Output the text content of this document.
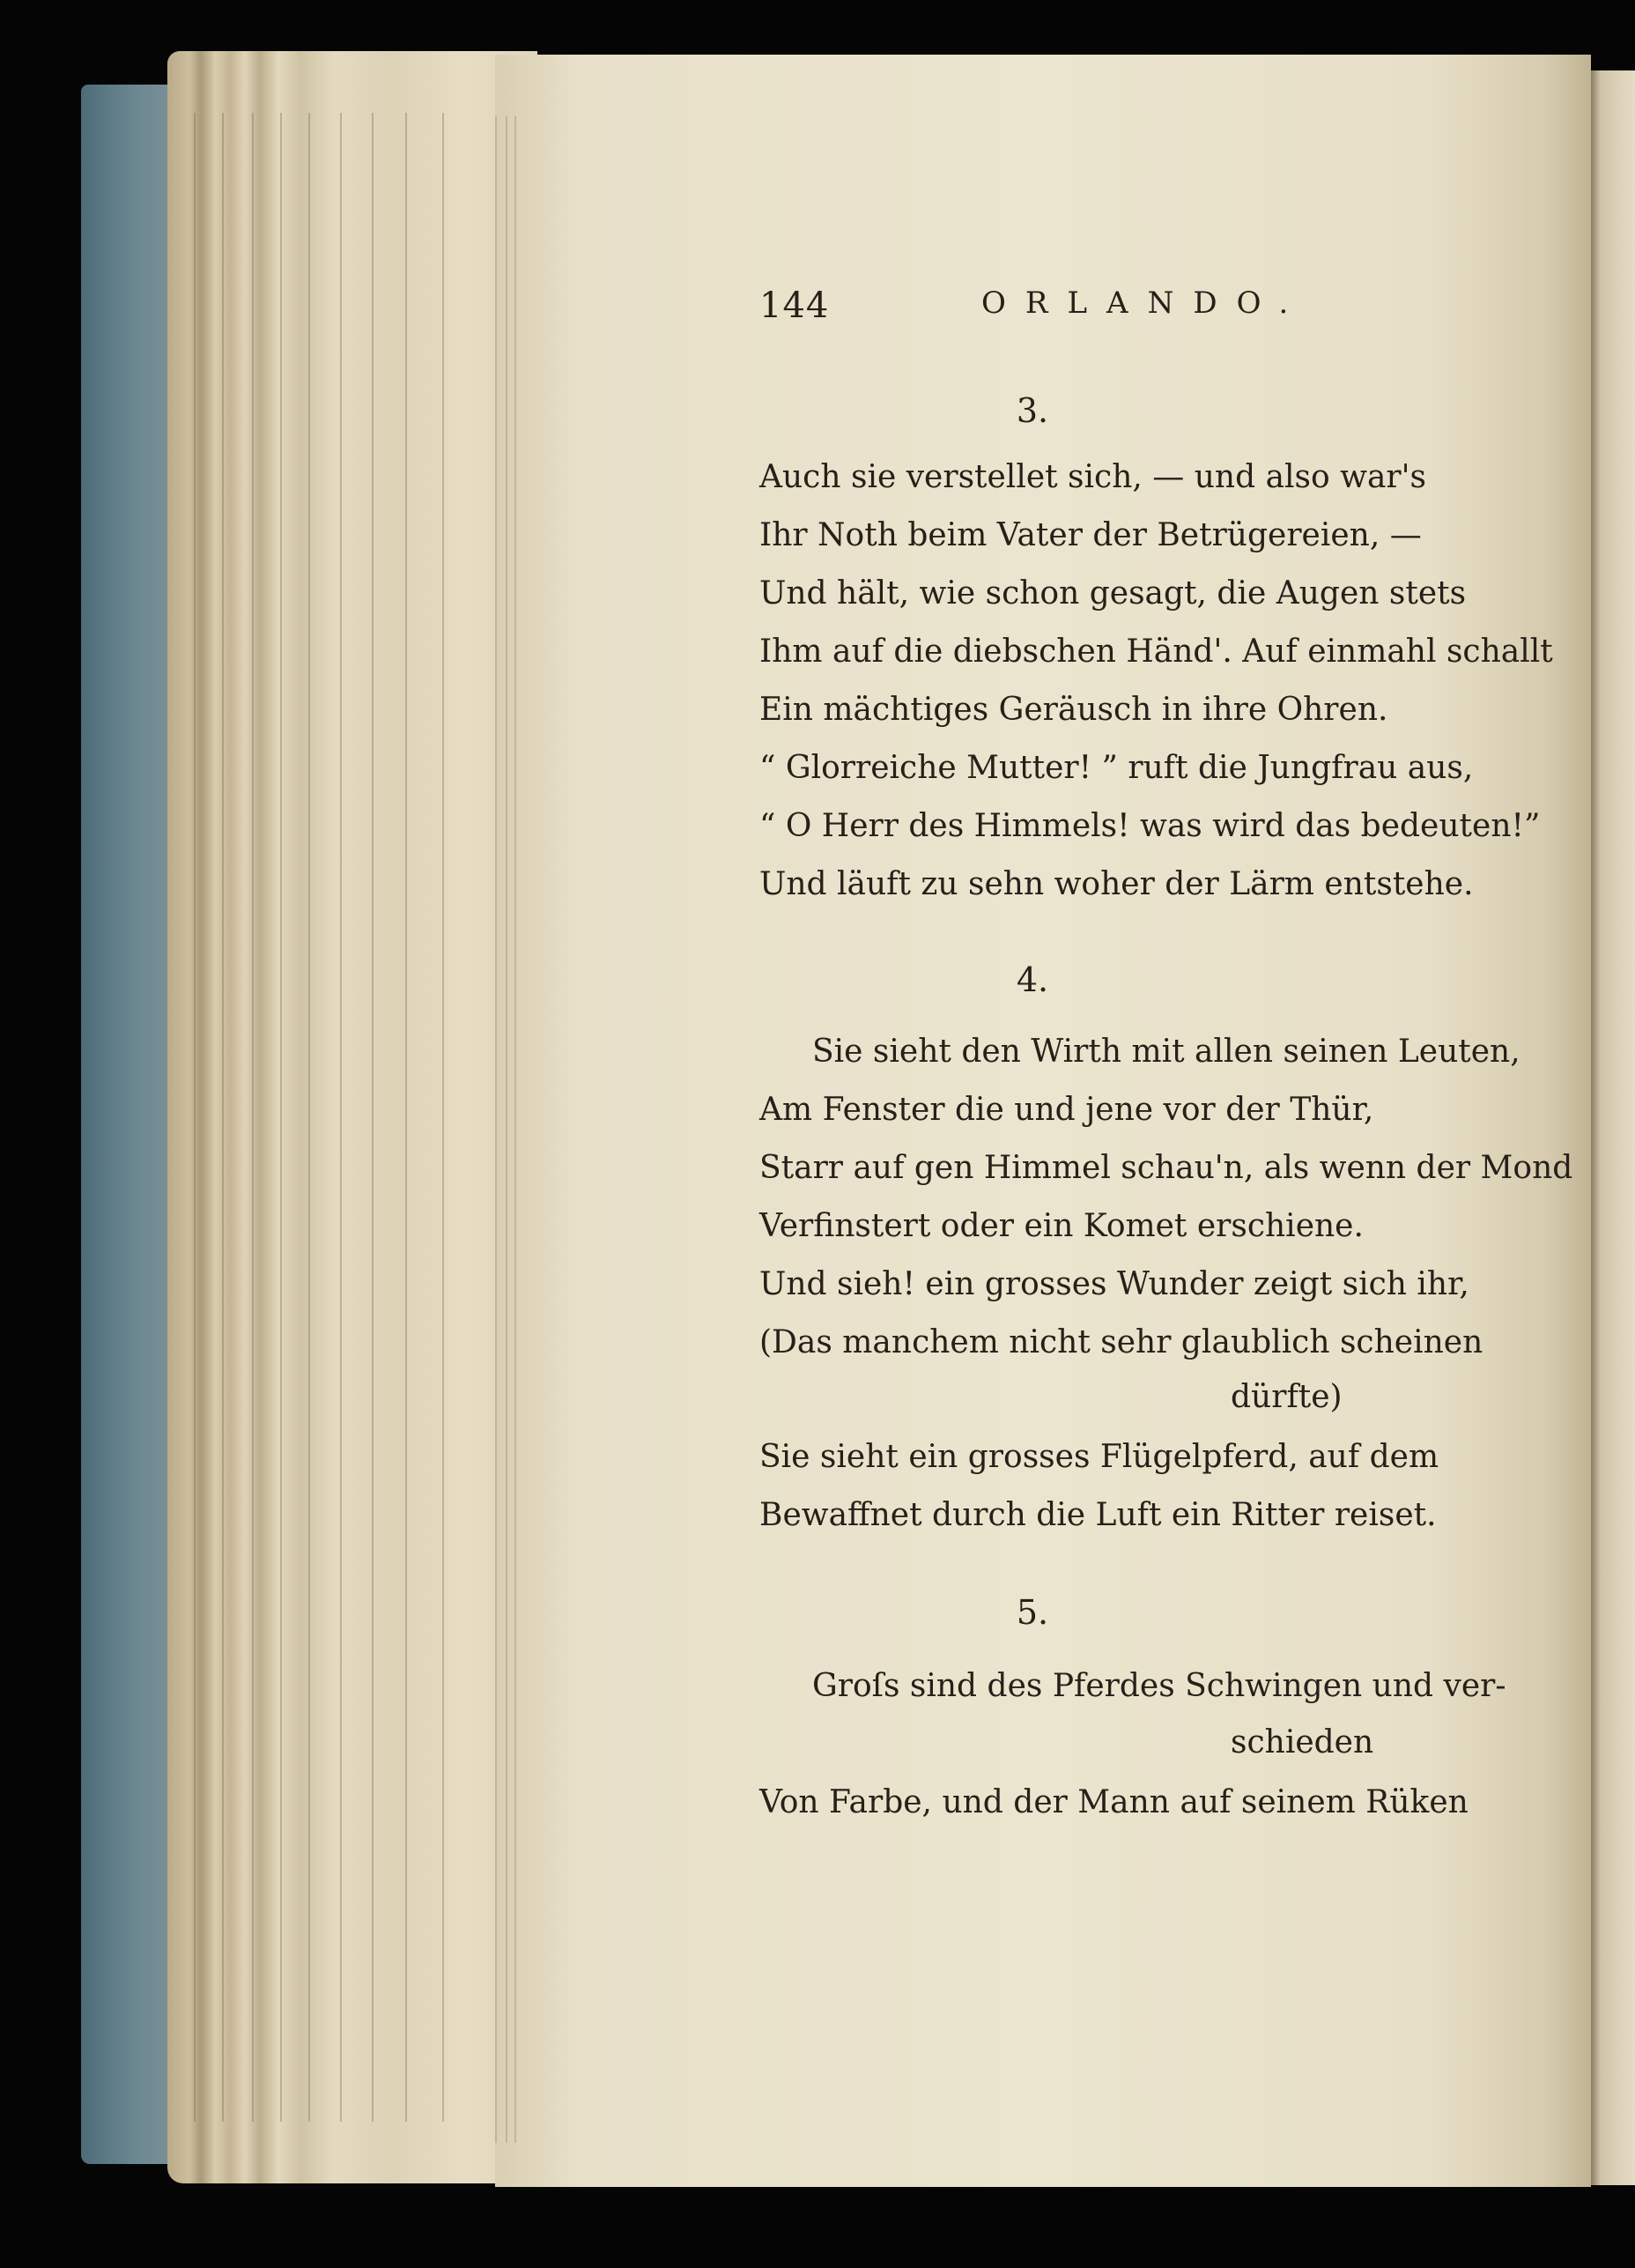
144	ORLANDO.
3.
Auch sie verstellet sich, — und also war's
Ihr Noth beim Vater der Betrügereien, —
Und hält, wie schon gesagt, die Augen stets
Ihm auf die diebschen Händ'. Auf einmahl schallt
Ein mächtiges Geräusch in ihre Ohren.
“ Glorreiche Mutter! ” ruft die Jungfrau aus,
“ O Herr des Himmels! was wird das bedeuten!”
Und läuft zu sehn woher der Lärm entstehe.
4.
Sie sieht den Wirth mit allen seinen Leuten,
Am Fenster die und jene vor der Thür,
Starr auf gen Himmel schau'n, als wenn der Mond
Verfinstert oder ein Komet erschiene.
Und sieh! ein grosses Wunder zeigt sich ihr,
(Das manchem nicht sehr glaublich scheinen
dürfte)
Sie sieht ein grosses Flügelpferd, auf dem
Bewaffnet durch die Luft ein Ritter reiset.
5.
Groſs sind des Pferdes Schwingen und ver-
schieden
Von Farbe, und der Mann auf seinem Rüken
